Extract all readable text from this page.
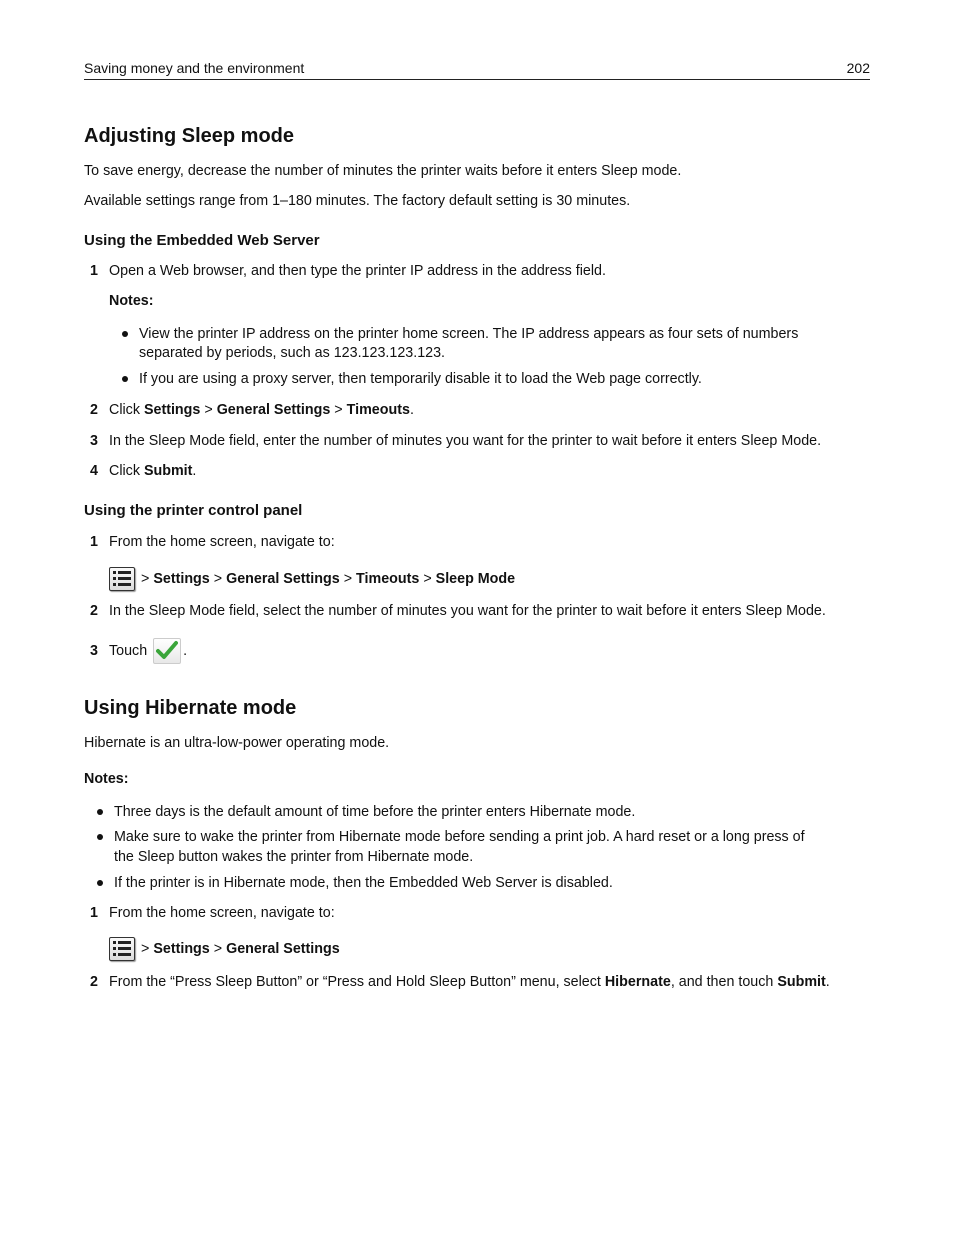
Saving money and the environment	202
Adjusting Sleep mode

To save energy, decrease the number of minutes the printer waits before it enters Sleep mode.

Available settings range from 1–180 minutes. The factory default setting is 30 minutes.

Using the Embedded Web Server
1 Open a Web browser, and then type the printer IP address in the address field.

Notes:

View the printer IP address on the printer home screen. The IP address appears as four sets of numbers
separated by periods, such as 123.123.123.123.
If you are using a proxy server, then temporarily disable it to load the Web page correctly.
2 Click Settings > General Settings > Timeouts.
3 In the Sleep Mode field, enter the number of minutes you want for the printer to wait before it enters Sleep Mode.
4 Click Submit.
Using the printer control panel
1 From the home screen, navigate to:
> Settings > General Settings > Timeouts > Sleep Mode
2 In the Sleep Mode field, select the number of minutes you want for the printer to wait before it enters Sleep Mode.
3 Touch	.
Using Hibernate mode

Hibernate is an ultra-low-power operating mode.

Notes:

Three days is the default amount of time before the printer enters Hibernate mode.
Make sure to wake the printer from Hibernate mode before sending a print job. A hard reset or a long press of
the Sleep button wakes the printer from Hibernate mode.
If the printer is in Hibernate mode, then the Embedded Web Server is disabled.
1 From the home screen, navigate to:
> Settings > General Settings
2 From the “Press Sleep Button” or “Press and Hold Sleep Button” menu, select Hibernate, and then touch Submit.
